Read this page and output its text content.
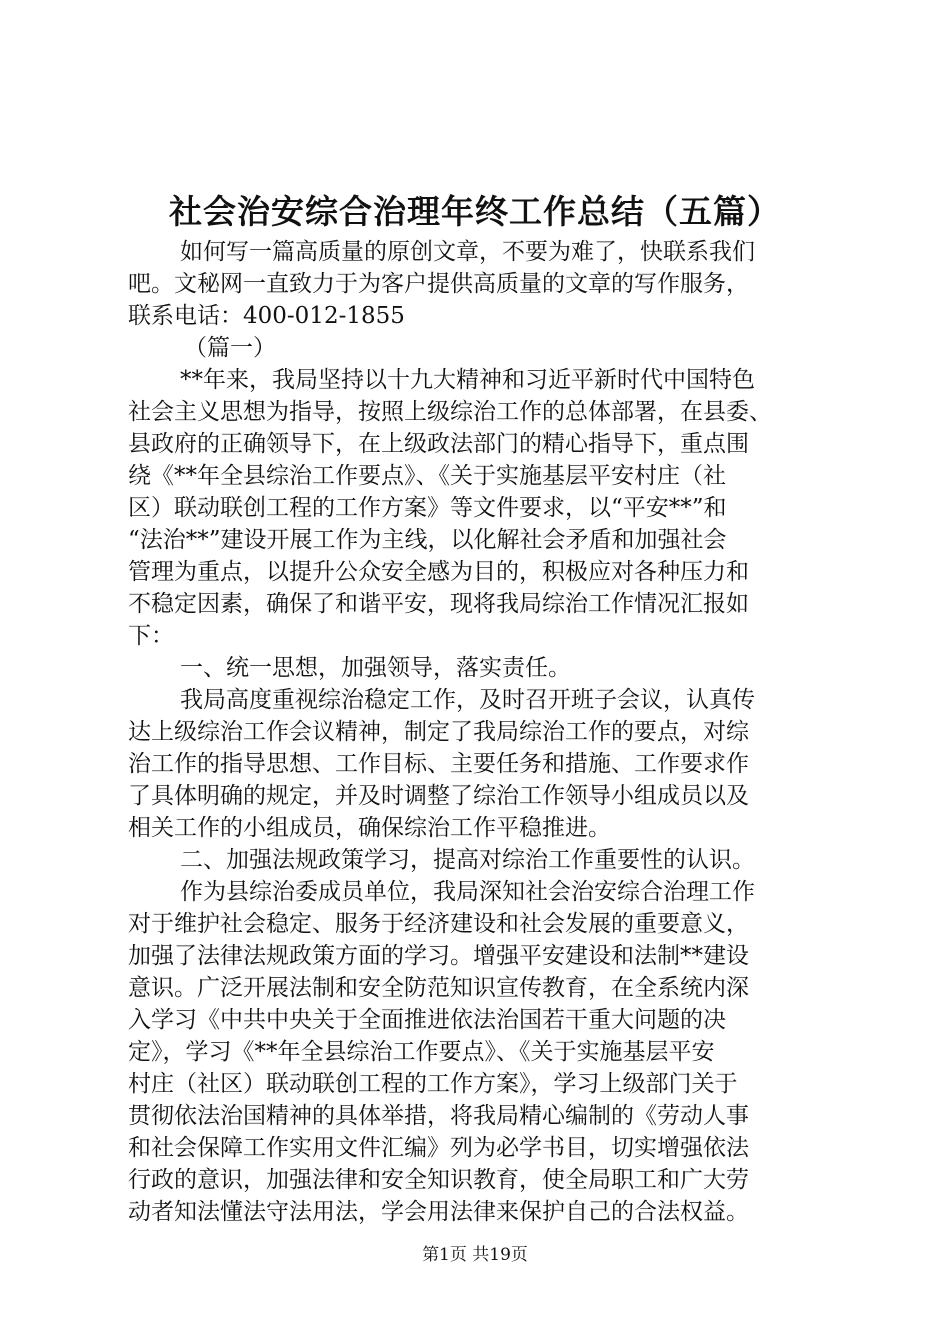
社会治安综合治理年终工作总结（五篇）
如何写一篇高质量的原创文章，不要为难了，快联系我们
吧。文秘网一直致力于为客户提供高质量的文章的写作服务，
联系电话：400-012-1855
（篇一）
**年来，我局坚持以十九大精神和习近平新时代中国特色
社会主义思想为指导，按照上级综治工作的总体部署，在县委、
县政府的正确领导下，在上级政法部门的精心指导下，重点围
绕《**年全县综治工作要点》、《关于实施基层平安村庄（社
区）联动联创工程的工作方案》等文件要求，以“平安**”和
“法治**”建设开展工作为主线，以化解社会矛盾和加强社会
管理为重点，以提升公众安全感为目的，积极应对各种压力和
不稳定因素，确保了和谐平安，现将我局综治工作情况汇报如
下：
一、统一思想，加强领导，落实责任。
我局高度重视综治稳定工作，及时召开班子会议，认真传
达上级综治工作会议精神，制定了我局综治工作的要点，对综
治工作的指导思想、工作目标、主要任务和措施、工作要求作
了具体明确的规定，并及时调整了综治工作领导小组成员以及
相关工作的小组成员，确保综治工作平稳推进。
二、加强法规政策学习，提高对综治工作重要性的认识。
作为县综治委成员单位，我局深知社会治安综合治理工作
对于维护社会稳定、服务于经济建设和社会发展的重要意义，
加强了法律法规政策方面的学习。增强平安建设和法制**建设
意识。广泛开展法制和安全防范知识宣传教育，在全系统内深
入学习《中共中央关于全面推进依法治国若干重大问题的决
定》，学习《**年全县综治工作要点》、《关于实施基层平安
村庄（社区）联动联创工程的工作方案》，学习上级部门关于
贯彻依法治国精神的具体举措，将我局精心编制的《劳动人事
和社会保障工作实用文件汇编》列为必学书目，切实增强依法
行政的意识，加强法律和安全知识教育，使全局职工和广大劳
动者知法懂法守法用法，学会用法律来保护自己的合法权益。
第1页 共19页
